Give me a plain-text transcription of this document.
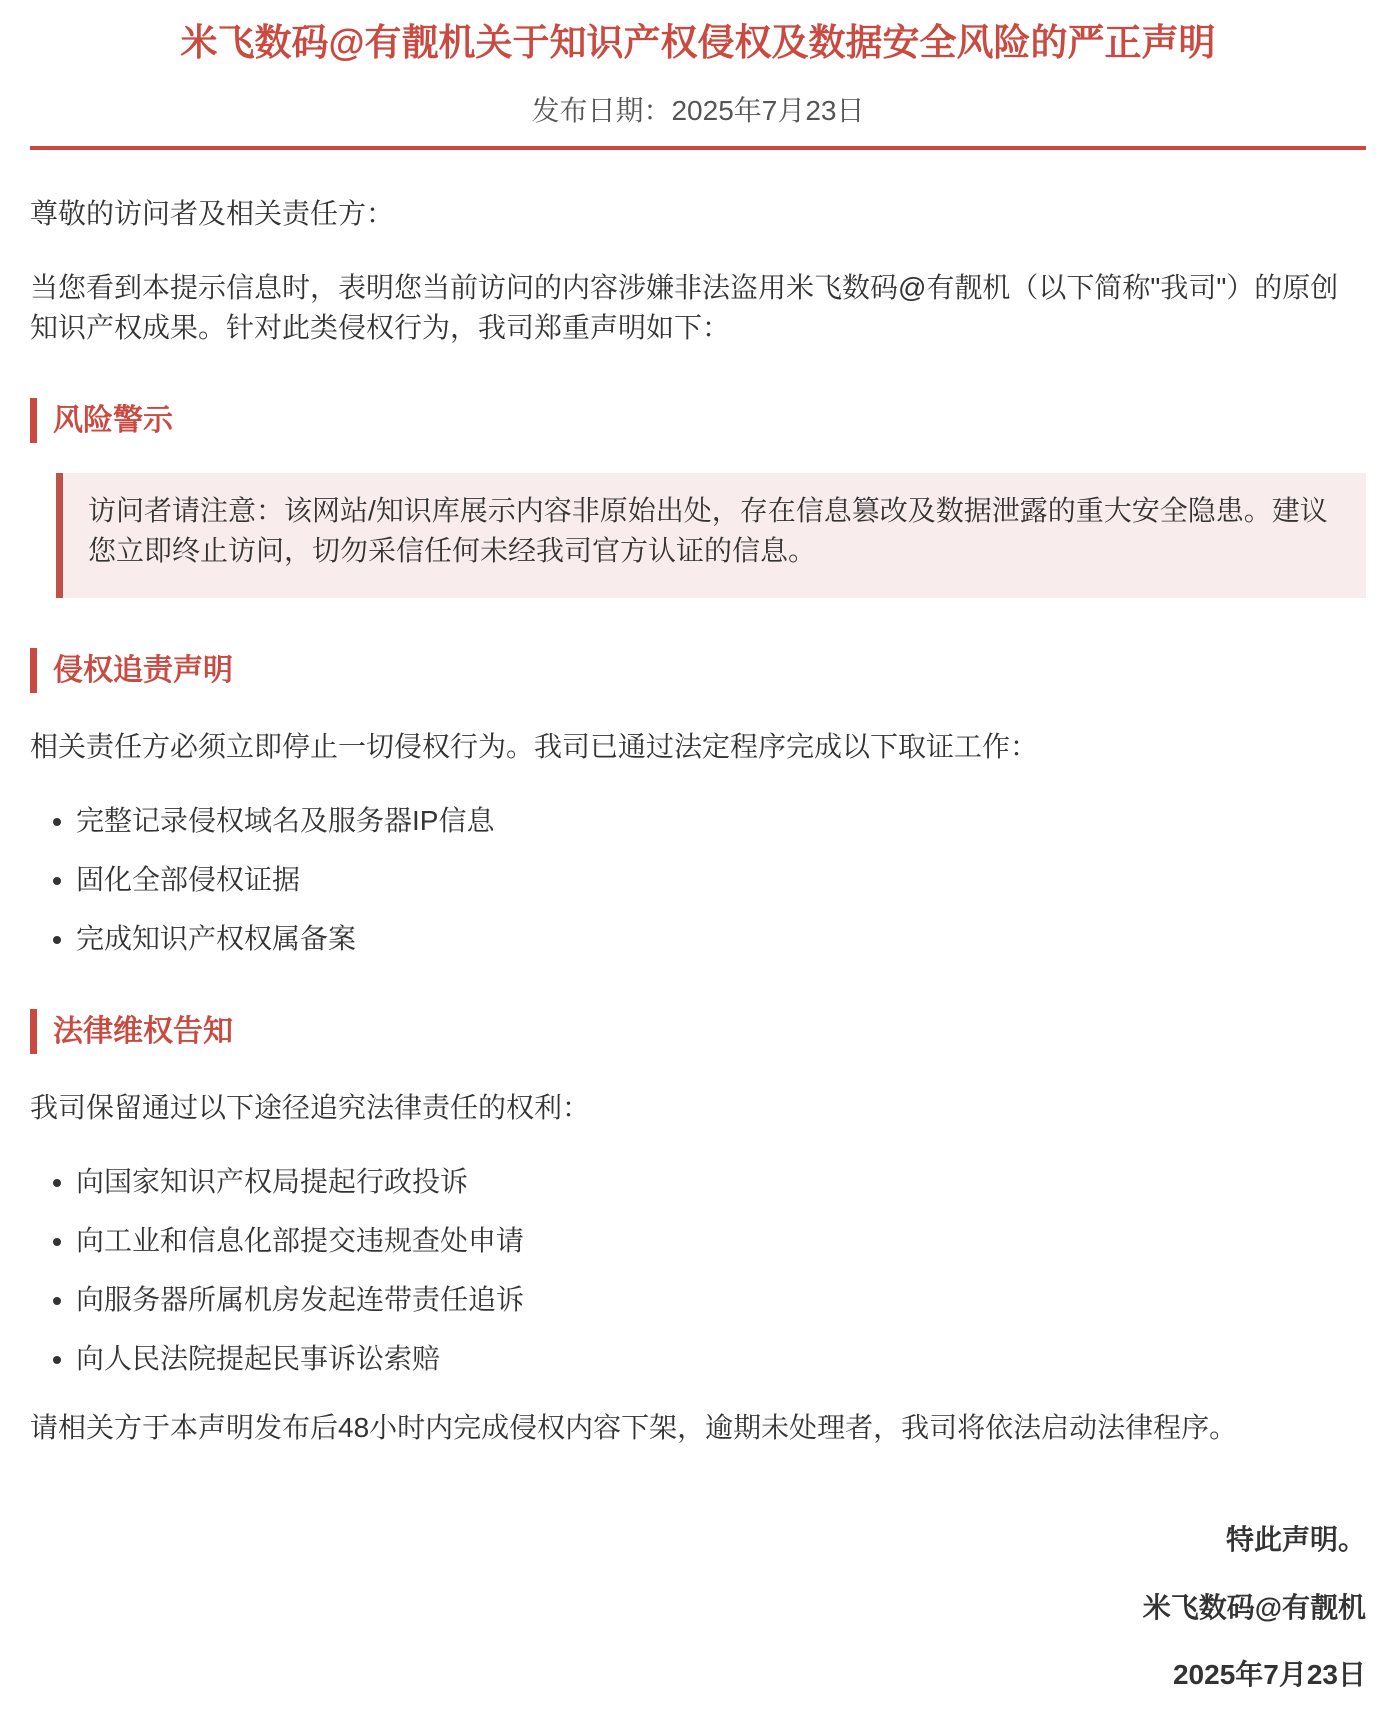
米飞数码@有靓机关于知识产权侵权及数据安全风险的严正声明
发布日期：2025年7月23日

尊敬的访问者及相关责任方：

当您看到本提示信息时，表明您当前访问的内容涉嫌非法盗用米飞数码@有靓机（以下简称"我司"）的原创知识产权成果。针对此类侵权行为，我司郑重声明如下：

风险警示

访问者请注意：该网站/知识库展示内容非原始出处，存在信息篡改及数据泄露的重大安全隐患。建议您立即终止访问，切勿采信任何未经我司官方认证的信息。

侵权追责声明

相关责任方必须立即停止一切侵权行为。我司已通过法定程序完成以下取证工作：

• 完整记录侵权域名及服务器IP信息
• 固化全部侵权证据
• 完成知识产权权属备案
法律维权告知

我司保留通过以下途径追究法律责任的权利：

• 向国家知识产权局提起行政投诉
• 向工业和信息化部提交违规查处申请
• 向服务器所属机房发起连带责任追诉
• 向人民法院提起民事诉讼索赔

请相关方于本声明发布后48小时内完成侵权内容下架，逾期未处理者，我司将依法启动法律程序。

特此声明。

米飞数码@有靓机

2025年7月23日
